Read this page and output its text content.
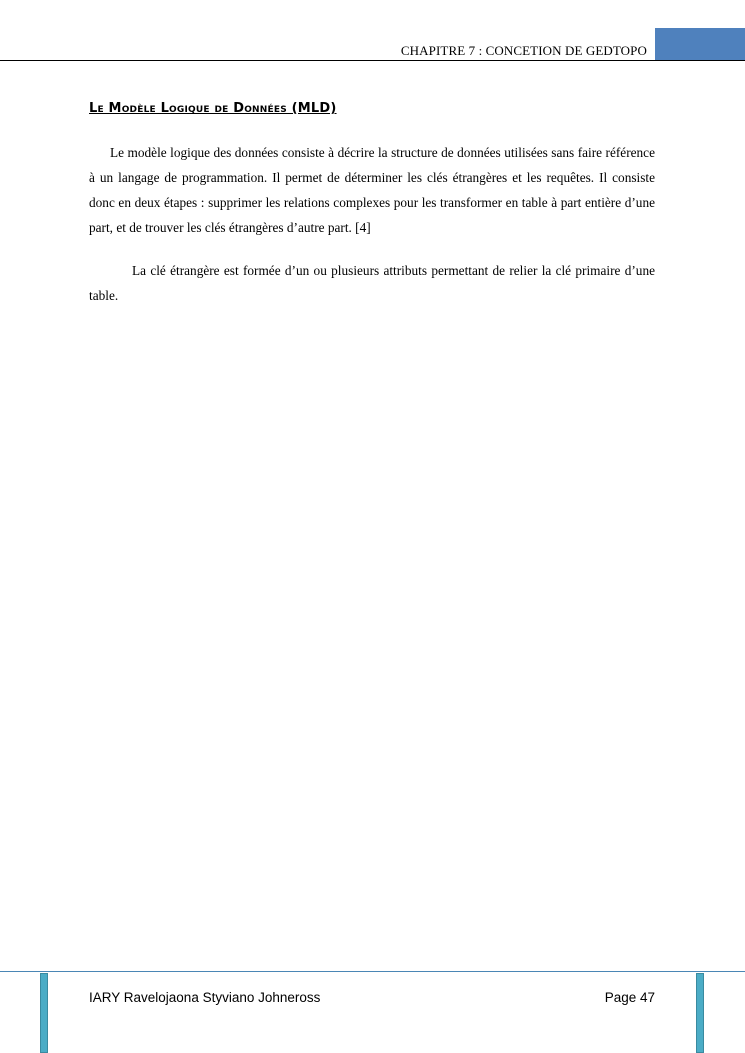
CHAPITRE 7 : CONCETION DE GEDTOPO
Le Modèle Logique de Données (MLD)

Le modèle logique des données consiste à décrire la structure de données utilisées sans faire référence à un langage de programmation. Il permet de déterminer les clés étrangères et les requêtes. Il consiste donc en deux étapes : supprimer les relations complexes pour les transformer en table à part entière d’une part, et de trouver les clés étrangères d’autre part. [4]

La clé étrangère est formée d’un ou plusieurs attributs permettant de relier la clé primaire d’une table.

IARY Ravelojaona Styviano Johneross	Page 47
